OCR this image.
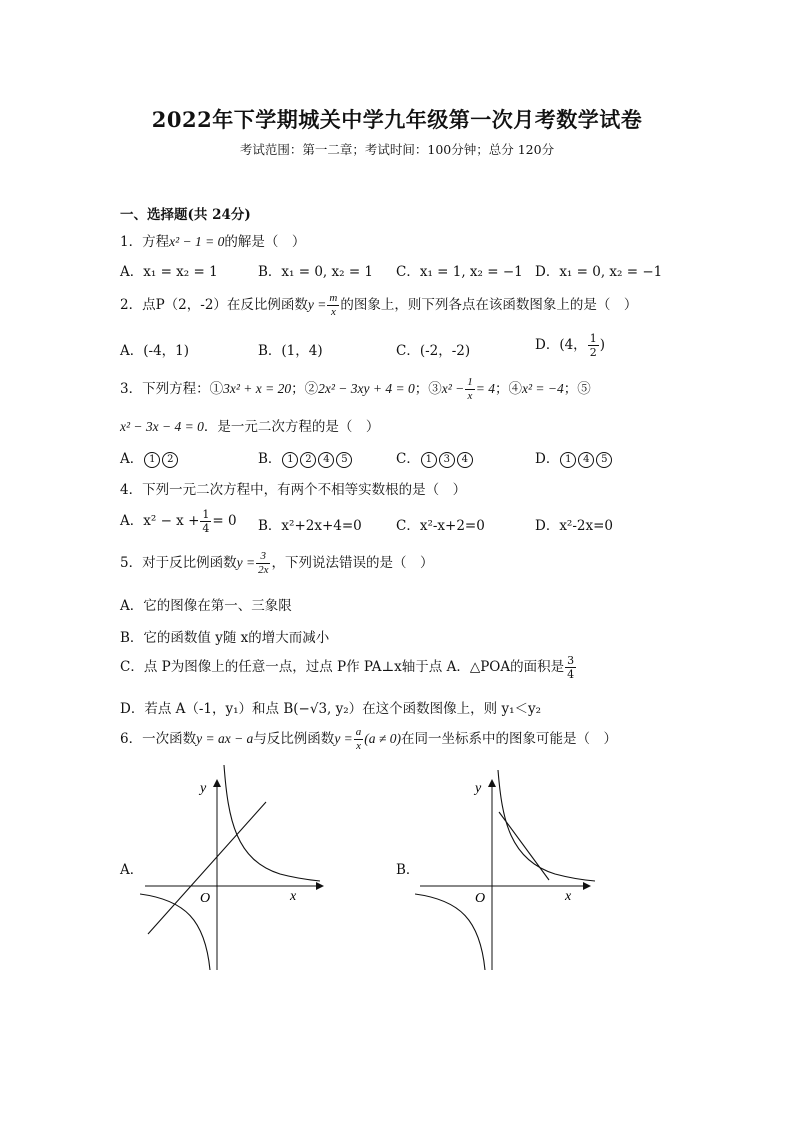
2022年下学期城关中学九年级第一次月考数学试卷
考试范围：第一二章；考试时间：100分钟；总分 120分
一、选择题(共 24分)
1．方程x² − 1 = 0的解是（　）
A．x₁ = x₂ = 1	B．x₁ = 0, x₂ = 1 C．x₁ = 1, x₂ = −1 D．x₁ = 0, x₂ = −1
2．点P（2，-2）在反比例函数$y = \frac{m}{x}$ 的图象上，则下列各点在该函数图象上的是（　）
A．(-4，1)	B．(1，4)	C．(-2，-2)	D．(4， $\frac{1}{2}$ )
3．下列方程：①3x² + x = 20；②2x² − 3xy + 4 = 0；③x² − $\frac{1}{x} = 4$；④x² = −4；⑤
x² − 3x − 4 = 0．是一元二次方程的是（　）
A． 1 2	B． 1 2 4 5	C． 1 3 4	D． 1 4 5
4．下列一元二次方程中，有两个不相等实数根的是（　）
A．$x^2 - x + \frac{1}{4} = 0$ B．x²+2x+4=0	C．x²-x+2=0	D．x²-2x=0
5．对于反比例函数$y = \frac{3}{2x}$ ，下列说法错误的是（　）
A．它的图像在第一、三象限
B．它的函数值 y随 x的增大而减小
C．点 P为图像上的任意一点，过点 P作 PA⊥x轴于点 A．△POA的面积是 $\frac{3}{4}$
D．若点 A（-1，y₁）和点 B(−√3, y₂）在这个函数图像上，则 y₁＜y₂
6．一次函数y = ax − a与反比例函数$y = \frac{a}{x} (a \ne 0)$在同一坐标系中的图象可能是（　）
A．	B．
y
x
O
y
x
O
